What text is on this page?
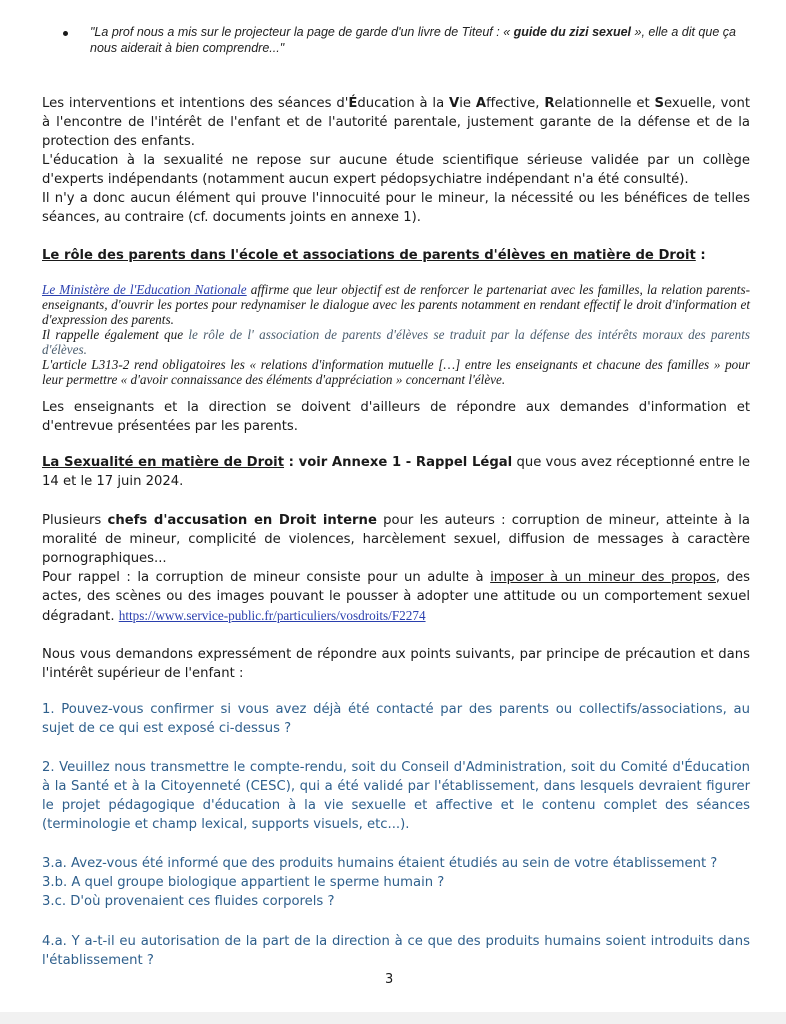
"La prof nous a mis sur le projecteur la page de garde d'un livre de Titeuf : « guide du zizi sexuel », elle a dit que ça nous aiderait à bien comprendre..."

Les interventions et intentions des séances d'Éducation à la Vie Affective, Relationnelle et Sexuelle, vont à l'encontre de l'intérêt de l'enfant et de l'autorité parentale, justement garante de la défense et de la protection des enfants.

L'éducation à la sexualité ne repose sur aucune étude scientifique sérieuse validée par un collège d'experts indépendants (notamment aucun expert pédopsychiatre indépendant n'a été consulté).

Il n'y a donc aucun élément qui prouve l'innocuité pour le mineur, la nécessité ou les bénéfices de telles séances, au contraire (cf. documents joints en annexe 1).

Le rôle des parents dans l'école et associations de parents d'élèves en matière de Droit :

Le Ministère de l'Education Nationale affirme que leur objectif est de renforcer le partenariat avec les familles, la relation parents-enseignants, d'ouvrir les portes pour redynamiser le dialogue avec les parents notamment en rendant effectif le droit d'information et d'expression des parents.

Il rappelle également que le rôle de l' association de parents d'élèves se traduit par la défense des intérêts moraux des parents d'élèves.

L'article L313-2 rend obligatoires les « relations d'information mutuelle […] entre les enseignants et chacune des familles » pour leur permettre « d'avoir connaissance des éléments d'appréciation » concernant l'élève.

Les enseignants et la direction se doivent d'ailleurs de répondre aux demandes d'information et d'entrevue présentées par les parents.

La Sexualité en matière de Droit : voir Annexe 1 - Rappel Légal que vous avez réceptionné entre le 14 et le 17 juin 2024.

Plusieurs chefs d'accusation en Droit interne pour les auteurs : corruption de mineur, atteinte à la moralité de mineur, complicité de violences, harcèlement sexuel, diffusion de messages à caractère pornographiques...

Pour rappel : la corruption de mineur consiste pour un adulte à imposer à un mineur des propos, des actes, des scènes ou des images pouvant le pousser à adopter une attitude ou un comportement sexuel dégradant. https://www.service-public.fr/particuliers/vosdroits/F2274

Nous vous demandons expressément de répondre aux points suivants, par principe de précaution et dans l'intérêt supérieur de l'enfant :

1. Pouvez-vous confirmer si vous avez déjà été contacté par des parents ou collectifs/associations, au sujet de ce qui est exposé ci-dessus ?

2. Veuillez nous transmettre le compte-rendu, soit du Conseil d'Administration, soit du Comité d'Éducation à la Santé et à la Citoyenneté (CESC), qui a été validé par l'établissement, dans lesquels devraient figurer le projet pédagogique d'éducation à la vie sexuelle et affective et le contenu complet des séances (terminologie et champ lexical, supports visuels, etc...).

3.a. Avez-vous été informé que des produits humains étaient étudiés au sein de votre établissement ?

3.b. A quel groupe biologique appartient le sperme humain ?

3.c. D'où provenaient ces fluides corporels ?

4.a. Y a-t-il eu autorisation de la part de la direction à ce que des produits humains soient introduits dans l'établissement ?

3
